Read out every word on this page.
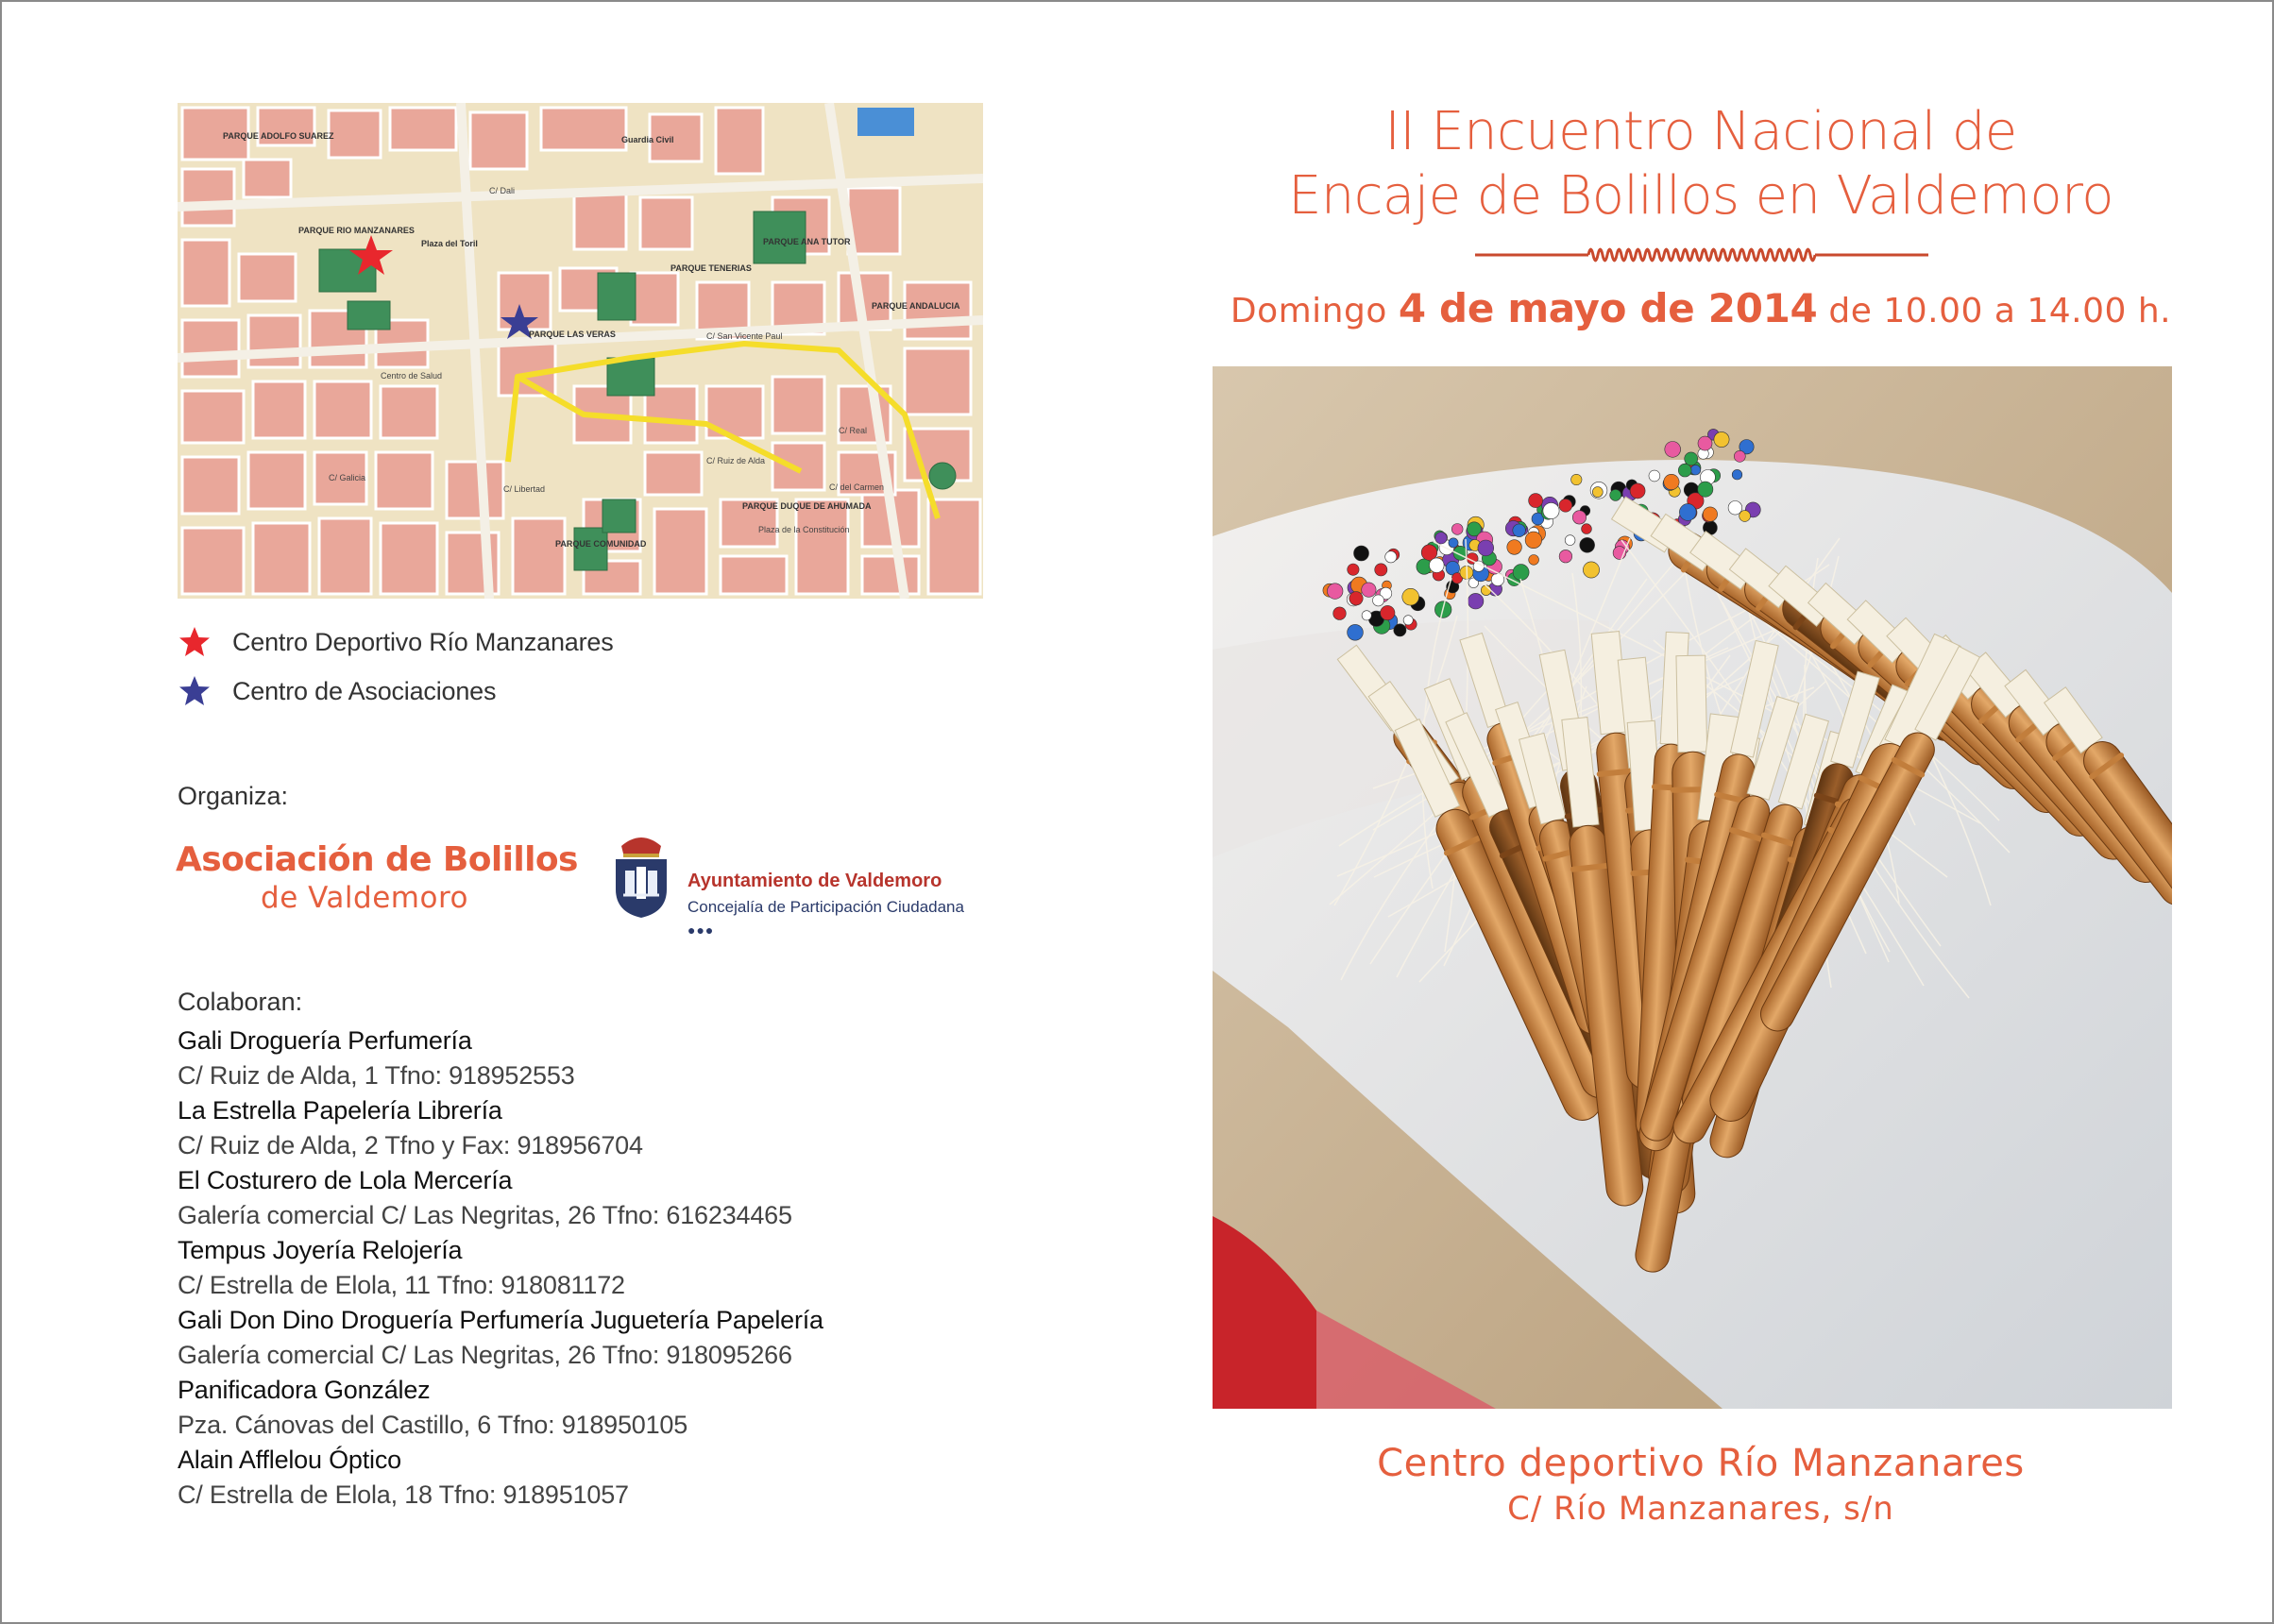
PARQUE ADOLFO SUAREZ	Guardia Civil
PARQUE RIO MANZANARES
Plaza del Toril
PARQUE TENERIAS
PARQUE ANA TUTOR
PARQUE ANDALUCIA
PARQUE LAS VERAS
PARQUE DUQUE DE AHUMADA
PARQUE COMUNIDAD
Centro de Salud
C/ Dali
C/ Libertad
C/ Galicia
C/ Ruiz de Alda
Plaza de la Constitución
C/ Real
C/ del Carmen
C/ San Vicente Paul
Centro Deportivo Río Manzanares
Centro de Asociaciones
Organiza:
Asociación de Bolillos
de Valdemoro	Ayuntamiento de Valdemoro
Concejalía de Participación Ciudadana
●●●
Colaboran:
Gali Droguería Perfumería
C/ Ruiz de Alda, 1 Tfno: 918952553
La Estrella Papelería Librería
C/ Ruiz de Alda, 2 Tfno y Fax: 918956704
El Costurero de Lola Mercería
Galería comercial C/ Las Negritas, 26 Tfno: 616234465
Tempus Joyería Relojería
C/ Estrella de Elola, 11 Tfno: 918081172
Gali Don Dino Droguería Perfumería Juguetería Papelería
Galería comercial C/ Las Negritas, 26 Tfno: 918095266
Panificadora González
Pza. Cánovas del Castillo, 6 Tfno: 918950105
Alain Afflelou Óptico
C/ Estrella de Elola, 18 Tfno: 918951057
II Encuentro Nacional de
Encaje de Bolillos en Valdemoro
Domingo 4 de mayo de 2014 de 10.00 a 14.00 h.
Centro deportivo Río Manzanares
C/ Río Manzanares, s/n
